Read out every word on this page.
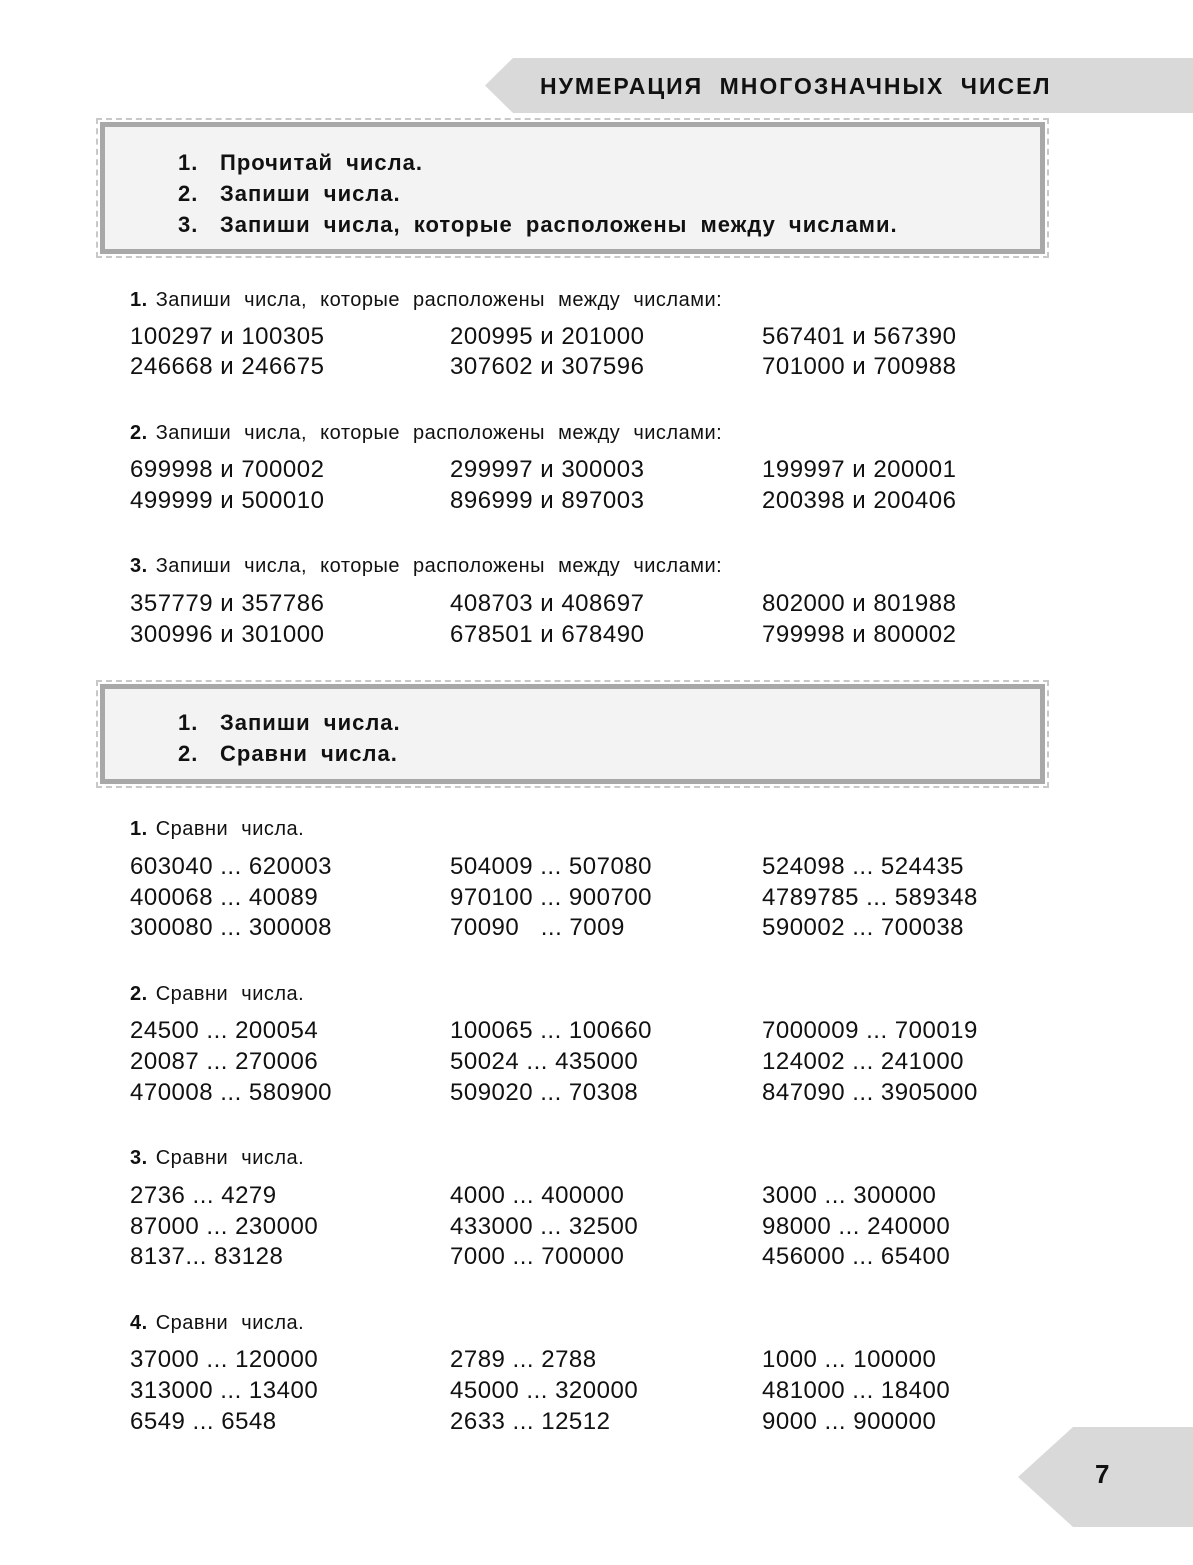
НУМЕРАЦИЯ МНОГОЗНАЧНЫХ ЧИСЕЛ
1. Прочитай числа.
2. Запиши числа.
3. Запиши числа, которые расположены между числами.
1. Запиши числа, которые расположены между числами:
100297 и 100305	200995 и 201000	567401 и 567390
246668 и 246675	307602 и 307596	701000 и 700988
2. Запиши числа, которые расположены между числами:
699998 и 700002	299997 и 300003	199997 и 200001
499999 и 500010	896999 и 897003	200398 и 200406
3. Запиши числа, которые расположены между числами:
357779 и 357786	408703 и 408697	802000 и 801988
300996 и 301000	678501 и 678490	799998 и 800002
1. Запиши числа.
2. Сравни числа.
1. Сравни числа.
603040 ... 620003	504009 ... 507080	524098 ... 524435
400068 ... 40089	970100 ... 900700	4789785 ... 589348
300080 ... 300008	70090   ... 7009	590002 ... 700038
2. Сравни числа.
24500 ... 200054	100065 ... 100660	7000009 ... 700019
20087 ... 270006	50024 ... 435000	124002 ... 241000
470008 ... 580900	509020 ... 70308	847090 ... 3905000
3. Сравни числа.
2736 ... 4279	4000 ... 400000	3000 ... 300000
87000 ... 230000	433000 ... 32500	98000 ... 240000
8137... 83128	7000 ... 700000	456000 ... 65400
4. Сравни числа.
37000 ... 120000	2789 ... 2788	1000 ... 100000
313000 ... 13400	45000 ... 320000	481000 ... 18400
6549 ... 6548	2633 ... 12512	9000 ... 900000
7
